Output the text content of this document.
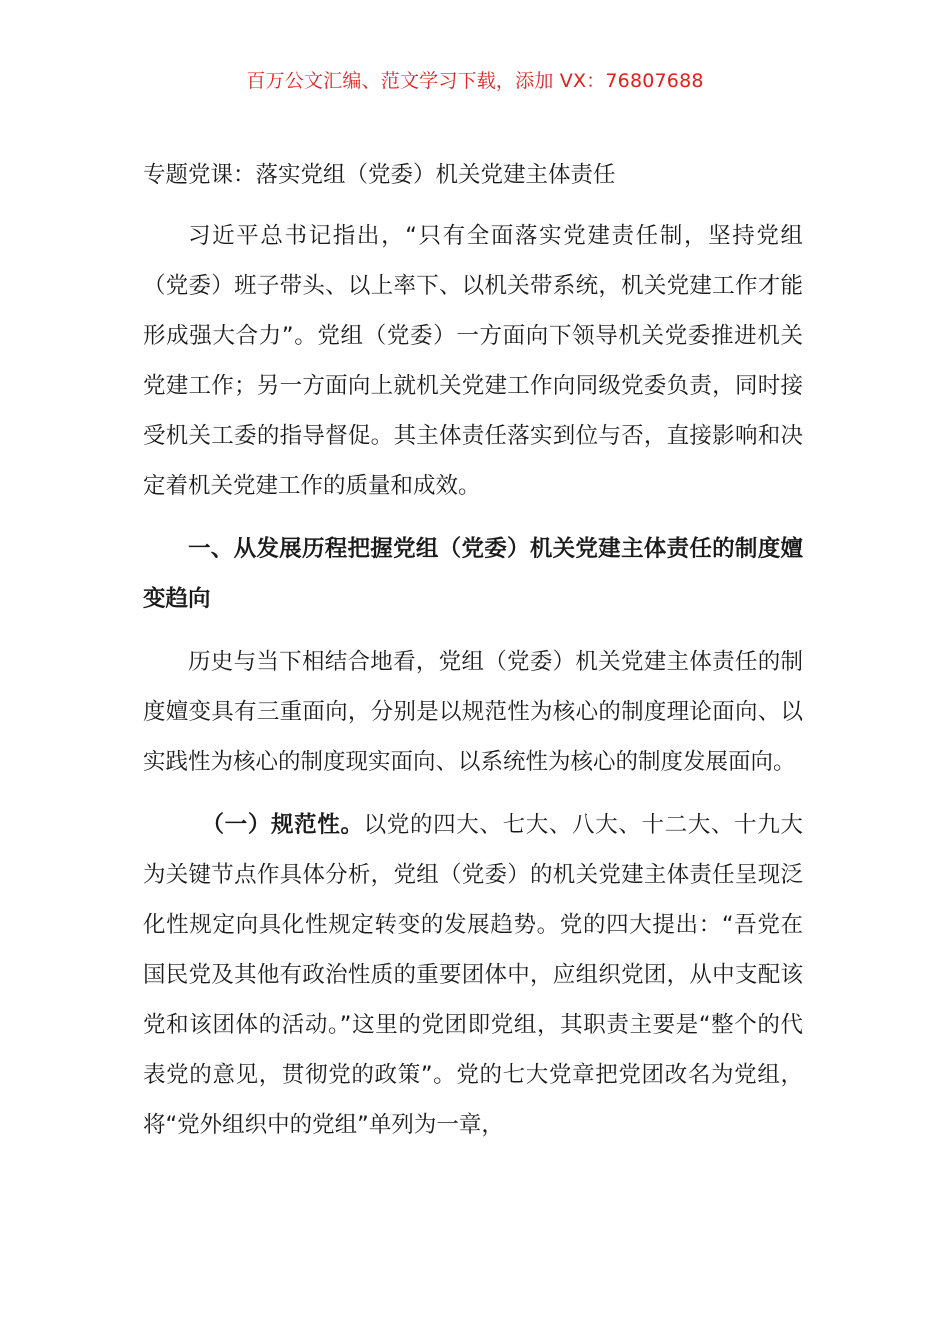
百万公文汇编、范文学习下载，添加 VX：76807688
专题党课：落实党组（党委）机关党建主体责任

习近平总书记指出，“只有全面落实党建责任制，坚持党组（党委）班子带头、以上率下、以机关带系统，机关党建工作才能形成强大合力”。党组（党委）一方面向下领导机关党委推进机关党建工作；另一方面向上就机关党建工作向同级党委负责，同时接受机关工委的指导督促。其主体责任落实到位与否，直接影响和决定着机关党建工作的质量和成效。

一、从发展历程把握党组（党委）机关党建主体责任的制度嬗变趋向

历史与当下相结合地看，党组（党委）机关党建主体责任的制度嬗变具有三重面向，分别是以规范性为核心的制度理论面向、以实践性为核心的制度现实面向、以系统性为核心的制度发展面向。

（一）规范性。以党的四大、七大、八大、十二大、十九大为关键节点作具体分析，党组（党委）的机关党建主体责任呈现泛化性规定向具化性规定转变的发展趋势。党的四大提出：“吾党在国民党及其他有政治性质的重要团体中，应组织党团，从中支配该党和该团体的活动。”这里的党团即党组，其职责主要是“整个的代表党的意见，贯彻党的政策”。党的七大党章把党团改名为党组，将“党外组织中的党组”单列为一章，
